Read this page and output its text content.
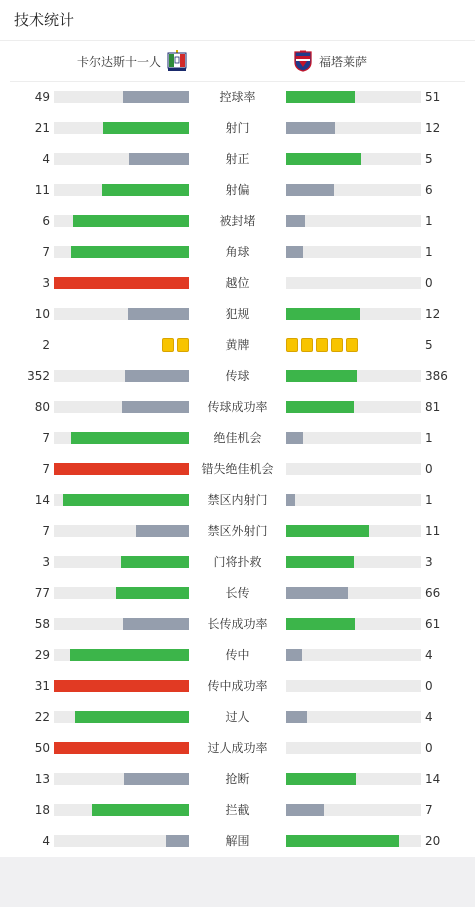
技术统计
卡尔达斯十一人	福塔莱萨
49	控球率	51
21	射门	12
4	射正	5
11	射偏	6
6	被封堵	1
7	角球	1
3	越位	0
10	犯规	12
2	黄牌	5
352	传球	386
80	传球成功率	81
7	绝佳机会	1
7	错失绝佳机会	0
14	禁区内射门	1
7	禁区外射门	11
3	门将扑救	3
77	长传	66
58	长传成功率	61
29	传中	4
31	传中成功率	0
22	过人	4
50	过人成功率	0
13	抢断	14
18	拦截	7
4	解围	20
